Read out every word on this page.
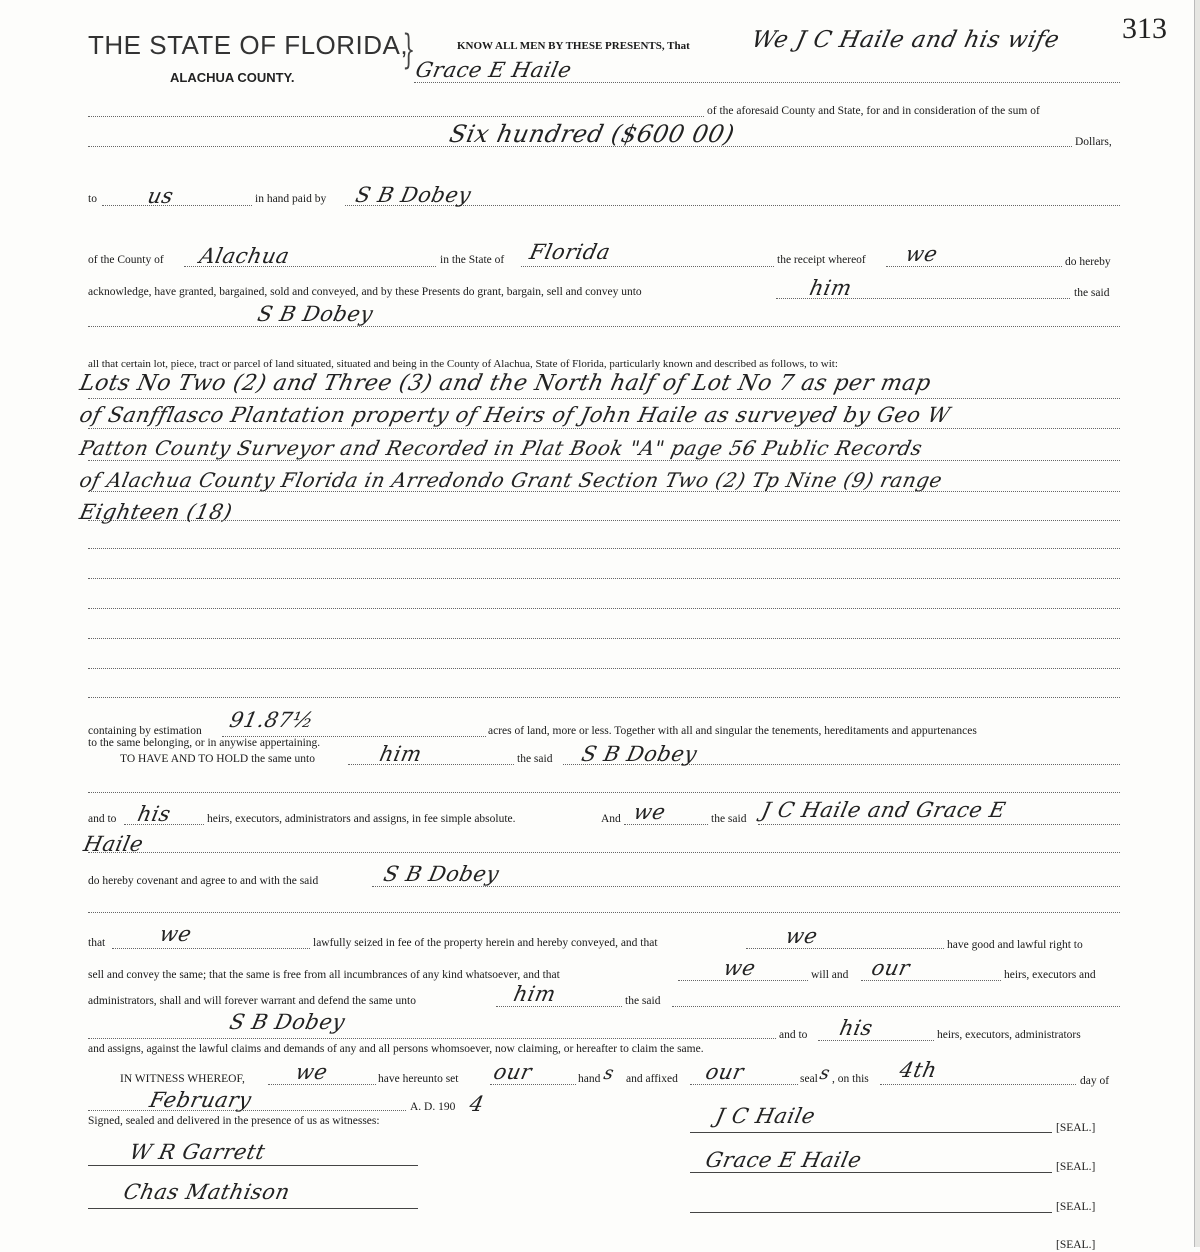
THE STATE OF FLORIDA,
}
ALACHUA COUNTY.
KNOW ALL MEN BY THESE PRESENTS, That	We J C Haile and his wife 313
Grace E Haile
of the aforesaid County and State, for and in consideration of the sum of
Six hundred ($600 00)	Dollars,
to us	in hand paid by S B Dobey
of the County of Alachua	in the State of Florida	the receipt whereof we	do hereby
acknowledge, have granted, bargained, sold and conveyed, and by these Presents do grant, bargain, sell and convey unto	him	the said
S B Dobey
all that certain lot, piece, tract or parcel of land situated, situated and being in the County of Alachua, State of Florida, particularly known and described as follows, to wit:
Lots No Two (2) and Three (3) and the North half of Lot No 7 as per map
of Sanfflasco Plantation property of Heirs of John Haile as surveyed by Geo W
Patton County Surveyor and Recorded in Plat Book "A" page 56 Public Records
of Alachua County Florida in Arredondo Grant Section Two (2) Tp Nine (9) range
Eighteen (18)
containing by estimation 91.87½	acres of land, more or less. Together with all and singular the tenements, hereditaments and appurtenances
to the same belonging, or in anywise appertaining.
TO HAVE AND TO HOLD the same unto	him	the said S B Dobey
and to his	heirs, executors, administrators and assigns, in fee simple absolute.	And we	the said J C Haile and Grace E
Haile
do hereby covenant and agree to and with the said	S B Dobey
that we	lawfully seized in fee of the property herein and hereby conveyed, and that	we	have good and lawful right to
sell and convey the same; that the same is free from all incumbrances of any kind whatsoever, and that	we	will and our	heirs, executors and
administrators, shall and will forever warrant and defend the same unto	him	the said
S B Dobey
and to his	heirs, executors, administrators
and assigns, against the lawful claims and demands of any and all persons whomsoever, now claiming, or hereafter to claim the same.
IN WITNESS WHEREOF, we	have hereunto set our	hand s and affixed our	seal s , on this 4th	day of
February	A. D. 190 4
Signed, sealed and delivered in the presence of us as witnesses:	J C Haile	[SEAL.]
W R Garrett	Grace E Haile	[SEAL.]
Chas Mathison
[SEAL.]
[SEAL.]
